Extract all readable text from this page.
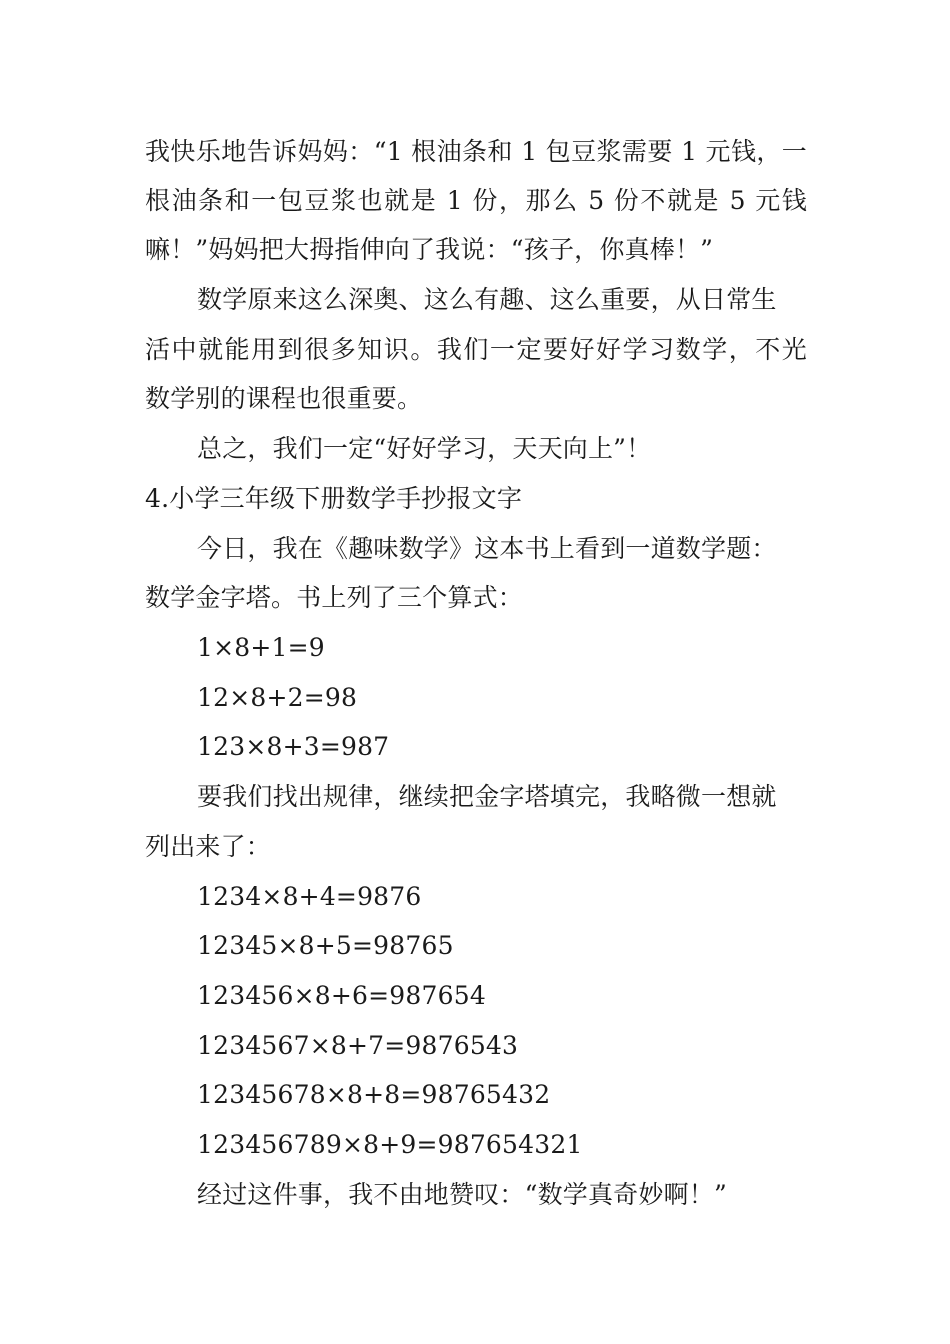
我快乐地告诉妈妈：“1 根油条和 1 包豆浆需要 1 元钱，一
根油条和一包豆浆也就是 1 份，那么 5 份不就是 5 元钱
嘛！”妈妈把大拇指伸向了我说：“孩子，你真棒！”
数学原来这么深奥、这么有趣、这么重要，从日常生
活中就能用到很多知识。我们一定要好好学习数学，不光
数学别的课程也很重要。
总之，我们一定“好好学习，天天向上”！
4.小学三年级下册数学手抄报文字
今日，我在《趣味数学》这本书上看到一道数学题：
数学金字塔。书上列了三个算式：
1×8+1=9
12×8+2=98
123×8+3=987
要我们找出规律，继续把金字塔填完，我略微一想就
列出来了：
1234×8+4=9876
12345×8+5=98765
123456×8+6=987654
1234567×8+7=9876543
12345678×8+8=98765432
123456789×8+9=987654321
经过这件事，我不由地赞叹：“数学真奇妙啊！”
